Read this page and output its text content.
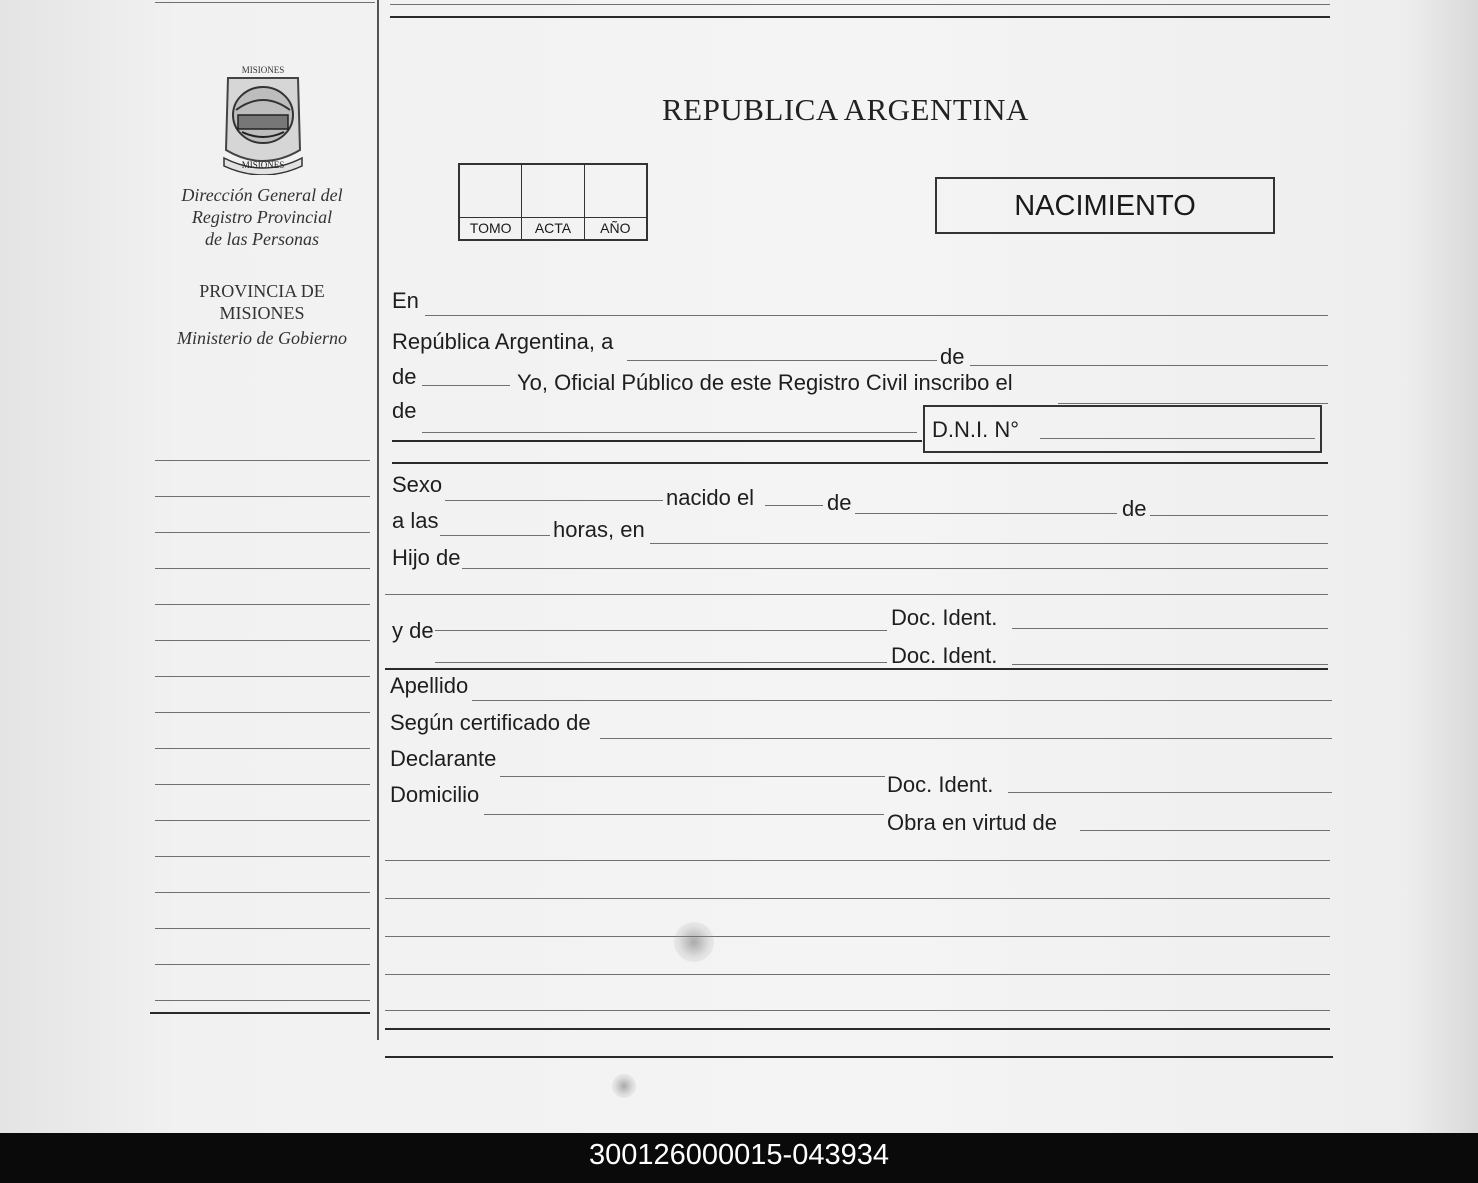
MISIONES
MISIONES
Dirección General del
Registro Provincial
de las Personas
PROVINCIA DE
MISIONES
Ministerio de Gobierno
REPUBLICA ARGENTINA
TOMO	ACTA	AÑO
NACIMIENTO
En
República Argentina, a
de
de	Yo, Oficial Público de este Registro Civil inscribo el
de
D.N.I. N°
Sexo
nacido el	de	de
a las	horas, en
Hijo de
Doc. Ident.
y de
Doc. Ident.
Apellido
Según certificado de
Declarante
Doc. Ident.
Domicilio
Obra en virtud de
300126000015-043934
